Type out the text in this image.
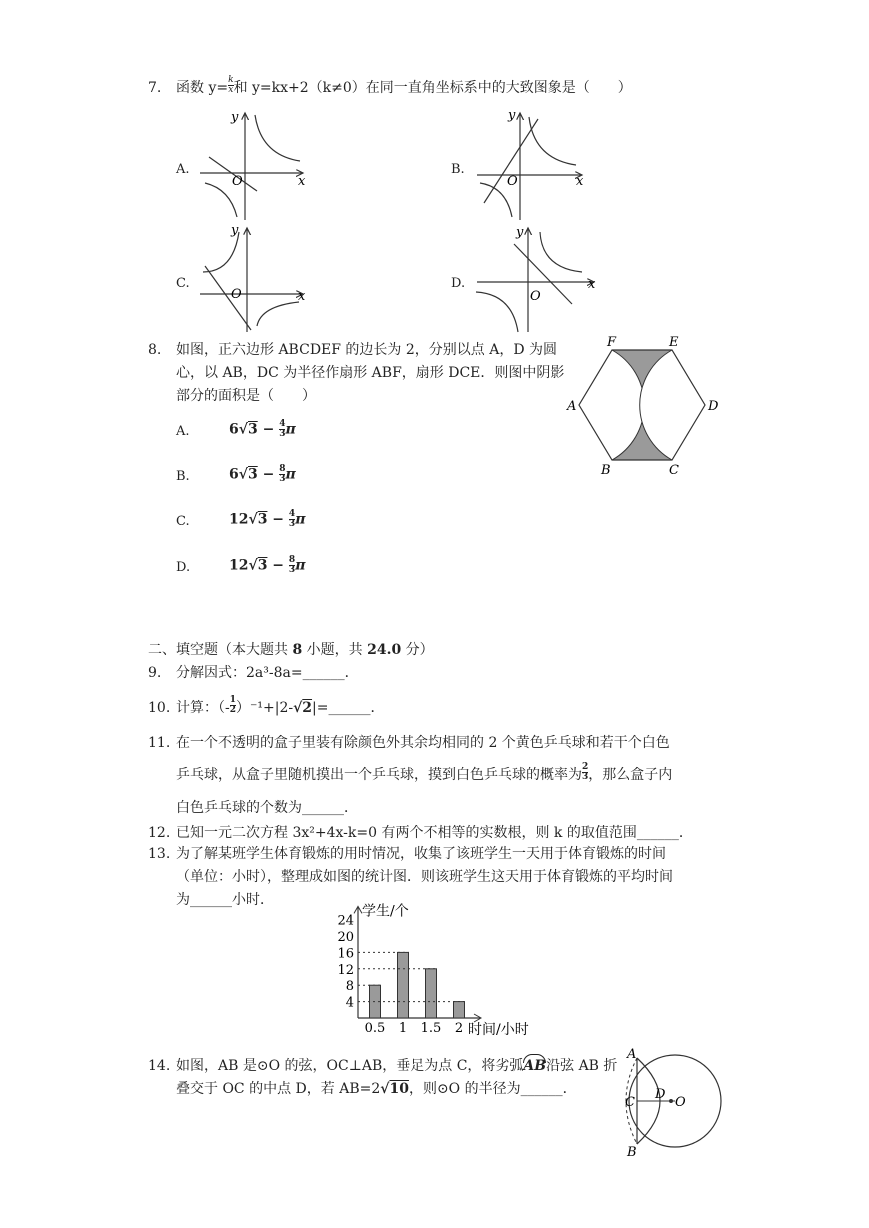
7.	函数 $y= \frac{k}{x}$ 和 y=kx+2（k≠0）在同一直角坐标系中的大致图象是（　　）
A.	B.
C.	D.
y
x
O
y
x
O
y
x
O
y
x
O
8.	如图，正六边形 ABCDEF 的边长为 2，分别以点 A，D 为圆
心，以 AB，DC 为半径作扇形 ABF，扇形 DCE．则图中阴影
部分的面积是（　　）
A.	$6√3 - \frac{4}{3}$ π
B.	$6√3 - \frac{8}{3}$ π
C.	$12√3 - \frac{4}{3}$ π
D.	$12√3 - \frac{8}{3}$ π
F	E
A	D
B	C
二、填空题（本大题共 8 小题，共 24.0 分）
9.	分解因式：2a³-8a=______．
10. 计算：（- $\frac{1}{2}$ ）⁻¹+|2-√2|=______．
11. 在一个不透明的盒子里装有除颜色外其余均相同的 2 个黄色乒乓球和若干个白色
乒乓球，从盒子里随机摸出一个乒乓球，摸到白色乒乓球的概率为 $\frac{2}{3}$ ，那么盒子内
白色乒乓球的个数为______．
12. 已知一元二次方程 3x²+4x-k=0 有两个不相等的实数根，则 k 的取值范围______．
13. 为了解某班学生体育锻炼的用时情况，收集了该班学生一天用于体育锻炼的时间
（单位：小时），整理成如图的统计图．则该班学生这天用于体育锻炼的平均时间
为______小时．
4
8
12
16
20
24
0.5 1 1.5 2
学生/个
时间/小时
14. 如图，AB 是⊙O 的弦，OC⊥AB，垂足为点 C，将劣弧
AB沿弦 AB 折
叠交于 OC 的中点 D，若 AB=2√10，则⊙O 的半径为______．
A
B
C
D
O
